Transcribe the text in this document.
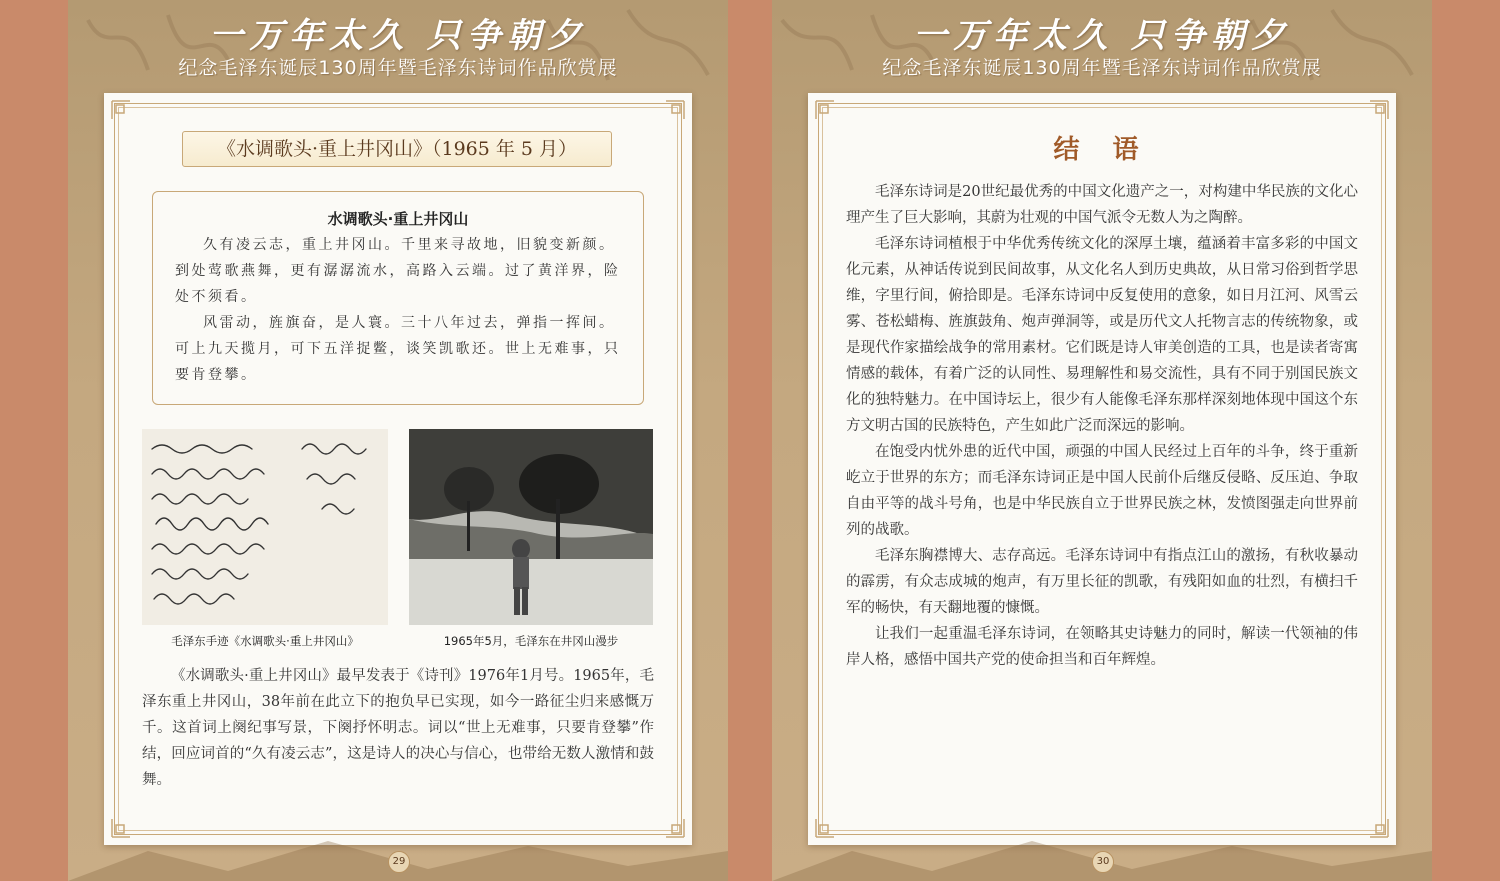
一万年太久 只争朝夕
纪念毛泽东诞辰130周年暨毛泽东诗词作品欣赏展
《水调歌头·重上井冈山》（1965 年 5 月）
水调歌头·重上井冈山
久有凌云志，重上井冈山。千里来寻故地，旧貌变新颜。到处莺歌燕舞，更有潺潺流水，高路入云端。过了黄洋界，险处不须看。
风雷动，旌旗奋，是人寰。三十八年过去，弹指一挥间。可上九天揽月，可下五洋捉鳖，谈笑凯歌还。世上无难事，只要肯登攀。
毛泽东手迹《水调歌头·重上井冈山》	1965年5月，毛泽东在井冈山漫步
《水调歌头·重上井冈山》最早发表于《诗刊》1976年1月号。1965年，毛泽东重上井冈山，38年前在此立下的抱负早已实现，如今一路征尘归来感慨万千。这首词上阕纪事写景，下阕抒怀明志。词以“世上无难事，只要肯登攀”作结，回应词首的“久有凌云志”，这是诗人的决心与信心，也带给无数人激情和鼓舞。
29
一万年太久 只争朝夕
纪念毛泽东诞辰130周年暨毛泽东诗词作品欣赏展
结 语

毛泽东诗词是20世纪最优秀的中国文化遗产之一，对构建中华民族的文化心理产生了巨大影响，其蔚为壮观的中国气派令无数人为之陶醉。

毛泽东诗词植根于中华优秀传统文化的深厚土壤，蕴涵着丰富多彩的中国文化元素，从神话传说到民间故事，从文化名人到历史典故，从日常习俗到哲学思维，字里行间，俯拾即是。毛泽东诗词中反复使用的意象，如日月江河、风雪云雾、苍松蜡梅、旌旗鼓角、炮声弹洞等，或是历代文人托物言志的传统物象，或是现代作家描绘战争的常用素材。它们既是诗人审美创造的工具，也是读者寄寓情感的载体，有着广泛的认同性、易理解性和易交流性，具有不同于别国民族文化的独特魅力。在中国诗坛上，很少有人能像毛泽东那样深刻地体现中国这个东方文明古国的民族特色，产生如此广泛而深远的影响。

在饱受内忧外患的近代中国，顽强的中国人民经过上百年的斗争，终于重新屹立于世界的东方；而毛泽东诗词正是中国人民前仆后继反侵略、反压迫、争取自由平等的战斗号角，也是中华民族自立于世界民族之林，发愤图强走向世界前列的战歌。

毛泽东胸襟博大、志存高远。毛泽东诗词中有指点江山的激扬，有秋收暴动的霹雳，有众志成城的炮声，有万里长征的凯歌，有残阳如血的壮烈，有横扫千军的畅快，有天翻地覆的慷慨。

让我们一起重温毛泽东诗词，在领略其史诗魅力的同时，解读一代领袖的伟岸人格，感悟中国共产党的使命担当和百年辉煌。

30
